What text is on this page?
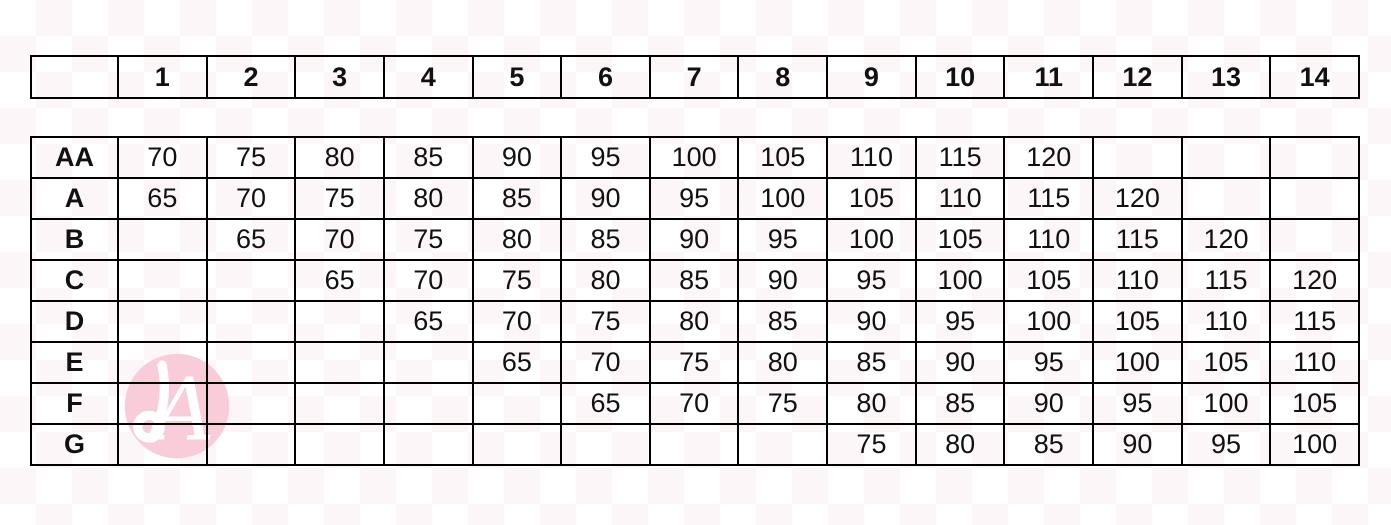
A
	1	2	3	4	5	6	7	8	9	10	11	12	13	14
AA	70	75	80	85	90	95	100	105	110	115	120			
A	65	70	75	80	85	90	95	100	105	110	115	120		
B		65	70	75	80	85	90	95	100	105	110	115	120	
C			65	70	75	80	85	90	95	100	105	110	115	120
D				65	70	75	80	85	90	95	100	105	110	115
E					65	70	75	80	85	90	95	100	105	110
F						65	70	75	80	85	90	95	100	105
G									75	80	85	90	95	100
